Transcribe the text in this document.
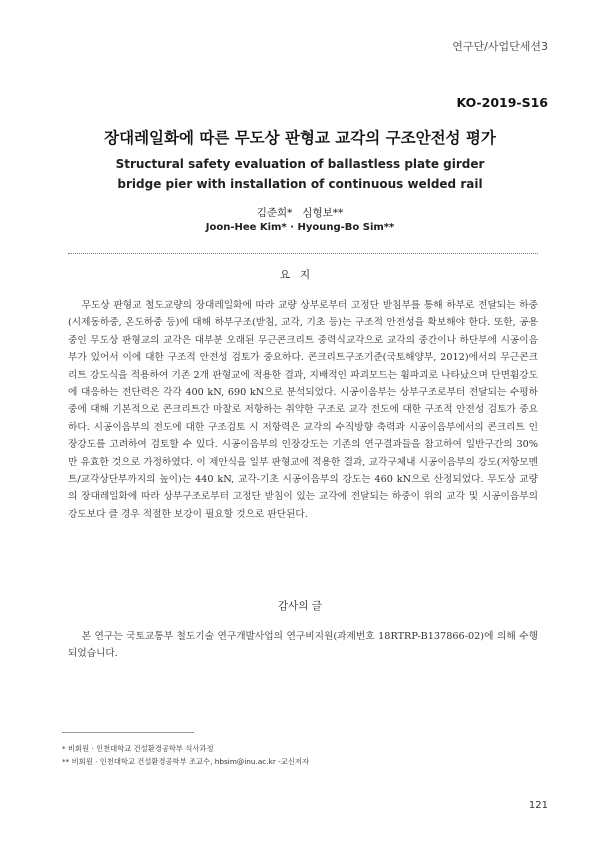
연구단/사업단세션3
KO-2019-S16
장대레일화에 따른 무도상 판형교 교각의 구조안전성 평가
Structural safety evaluation of ballastless plate girder
bridge pier with installation of continuous welded rail
김준희*   심형보**
Joon-Hee Kim* · Hyoung-Bo Sim**
요지
무도상 판형교 철도교량의 장대레일화에 따라 교량 상부로부터 고정단 받침부를 통해 하부로 전달되는 하중(시제동하중, 온도하중 등)에 대해 하부구조(받침, 교각, 기초 등)는 구조적 안전성을 확보해야 한다. 또한, 공용중인 무도상 판형교의 교각은 대부분 오래된 무근콘크리트 중력식교각으로 교각의 중간이나 하단부에 시공이음부가 있어서 이에 대한 구조적 안전성 검토가 중요하다. 콘크리트구조기준(국토해양부, 2012)에서의 무근콘크리트 강도식을 적용하여 기존 2개 판형교에 적용한 결과, 지배적인 파괴모드는 휨파괴로 나타났으며 단면휨강도에 대응하는 전단력은 각각 400 kN, 690 kN으로 분석되었다. 시공이음부는 상부구조로부터 전달되는 수평하중에 대해 기본적으로 콘크리트간 마찰로 저항하는 취약한 구조로 교각 전도에 대한 구조적 안전성 검토가 중요하다. 시공이음부의 전도에 대한 구조검토 시 저항력은 교각의 수직방향 축력과 시공이음부에서의 콘크리트 인장강도를 고려하여 검토할 수 있다. 시공이음부의 인장강도는 기존의 연구결과들을 참고하여 일반구간의 30%만 유효한 것으로 가정하였다. 이 제안식을 일부 판형교에 적용한 결과, 교각구체내 시공이음부의 강도(저항모멘트/교각상단부까지의 높이)는 440 kN, 교각-기초 시공이음부의 강도는 460 kN으로 산정되었다. 무도상 교량의 장대레일화에 따라 상부구조로부터 고정단 받침이 있는 교각에 전달되는 하중이 위의 교각 및 시공이음부의 강도보다 클 경우 적절한 보강이 필요할 것으로 판단된다.
감사의 글
본 연구는 국토교통부 철도기술 연구개발사업의 연구비지원(과제번호 18RTRP-B137866-02)에 의해 수행되었습니다.
* 비회원 · 인천대학교 건설환경공학부 석사과정
** 비회원 · 인천대학교 건설환경공학부 조교수, hbsim@inu.ac.kr -교신저자
121
